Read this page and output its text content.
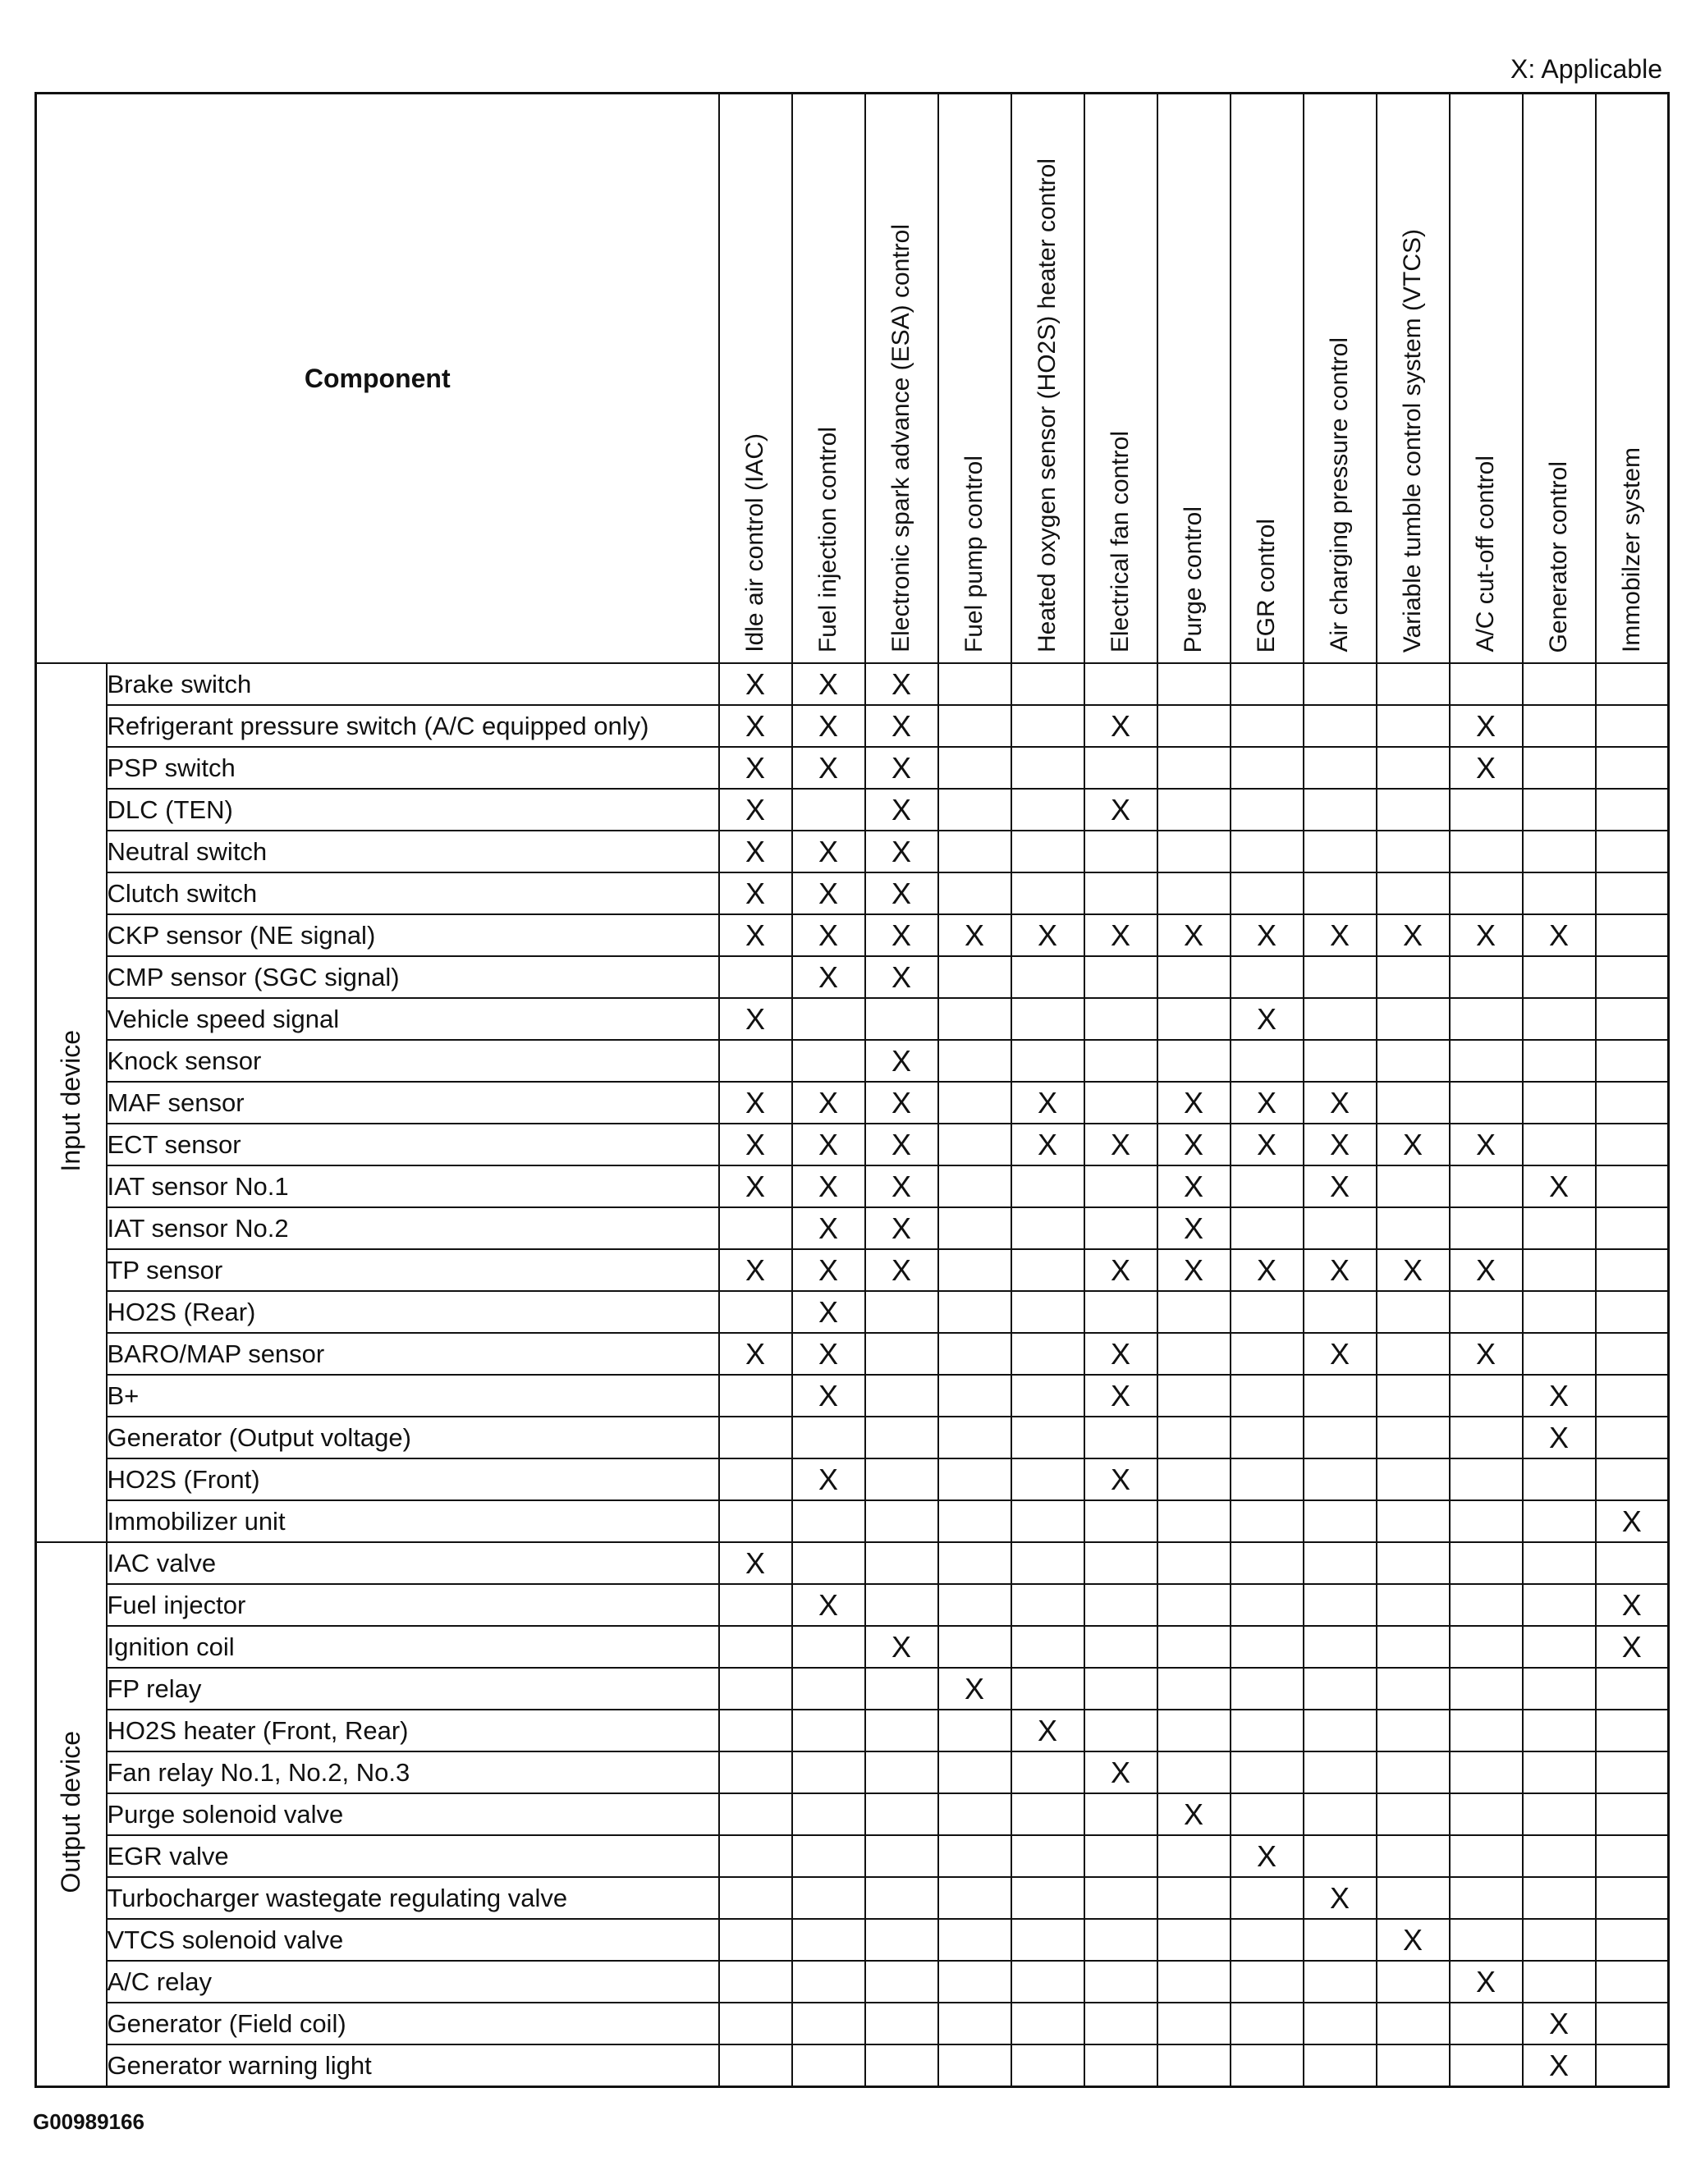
X: Applicable
Component		Idle air control (IAC)	Fuel injection control	Electronic spark advance (ESA) control	Fuel pump control	Heated oxygen sensor (HO2S) heater control	Electrical fan control	Purge control	EGR control	Air charging pressure control	Variable tumble control system (VTCS)	A/C cut-off control	Generator control	Immobilzer system

Input device	Brake switch	X	X	X										
	Refrigerant pressure switch (A/C equipped only)	X	X	X			X					X		
	PSP switch	X	X	X								X		
	DLC (TEN)	X		X			X							
	Neutral switch	X	X	X										
	Clutch switch	X	X	X										
	CKP sensor (NE signal)	X	X	X	X	X	X	X	X	X	X	X	X	
	CMP sensor (SGC signal)		X	X										
	Vehicle speed signal	X							X					
	Knock sensor			X										
	MAF sensor	X	X	X		X		X	X	X				
	ECT sensor	X	X	X		X	X	X	X	X	X	X		
	IAT sensor No.1	X	X	X				X		X			X	
	IAT sensor No.2		X	X				X						
	TP sensor	X	X	X			X	X	X	X	X	X		
	HO2S (Rear)		X											
	BARO/MAP sensor	X	X				X			X		X		
	B+		X				X						X	
	Generator (Output voltage)												X	
	HO2S (Front)		X				X							
	Immobilizer unit													X
Output device	IAC valve	X												
	Fuel injector		X											X
	Ignition coil			X										X
	FP relay				X									
	HO2S heater (Front, Rear)					X								
	Fan relay No.1, No.2, No.3						X							
	Purge solenoid valve							X						
	EGR valve								X					
	Turbocharger wastegate regulating valve									X				
	VTCS solenoid valve										X			
	A/C relay											X		
	Generator (Field coil)												X	
	Generator warning light												X	
G00989166
